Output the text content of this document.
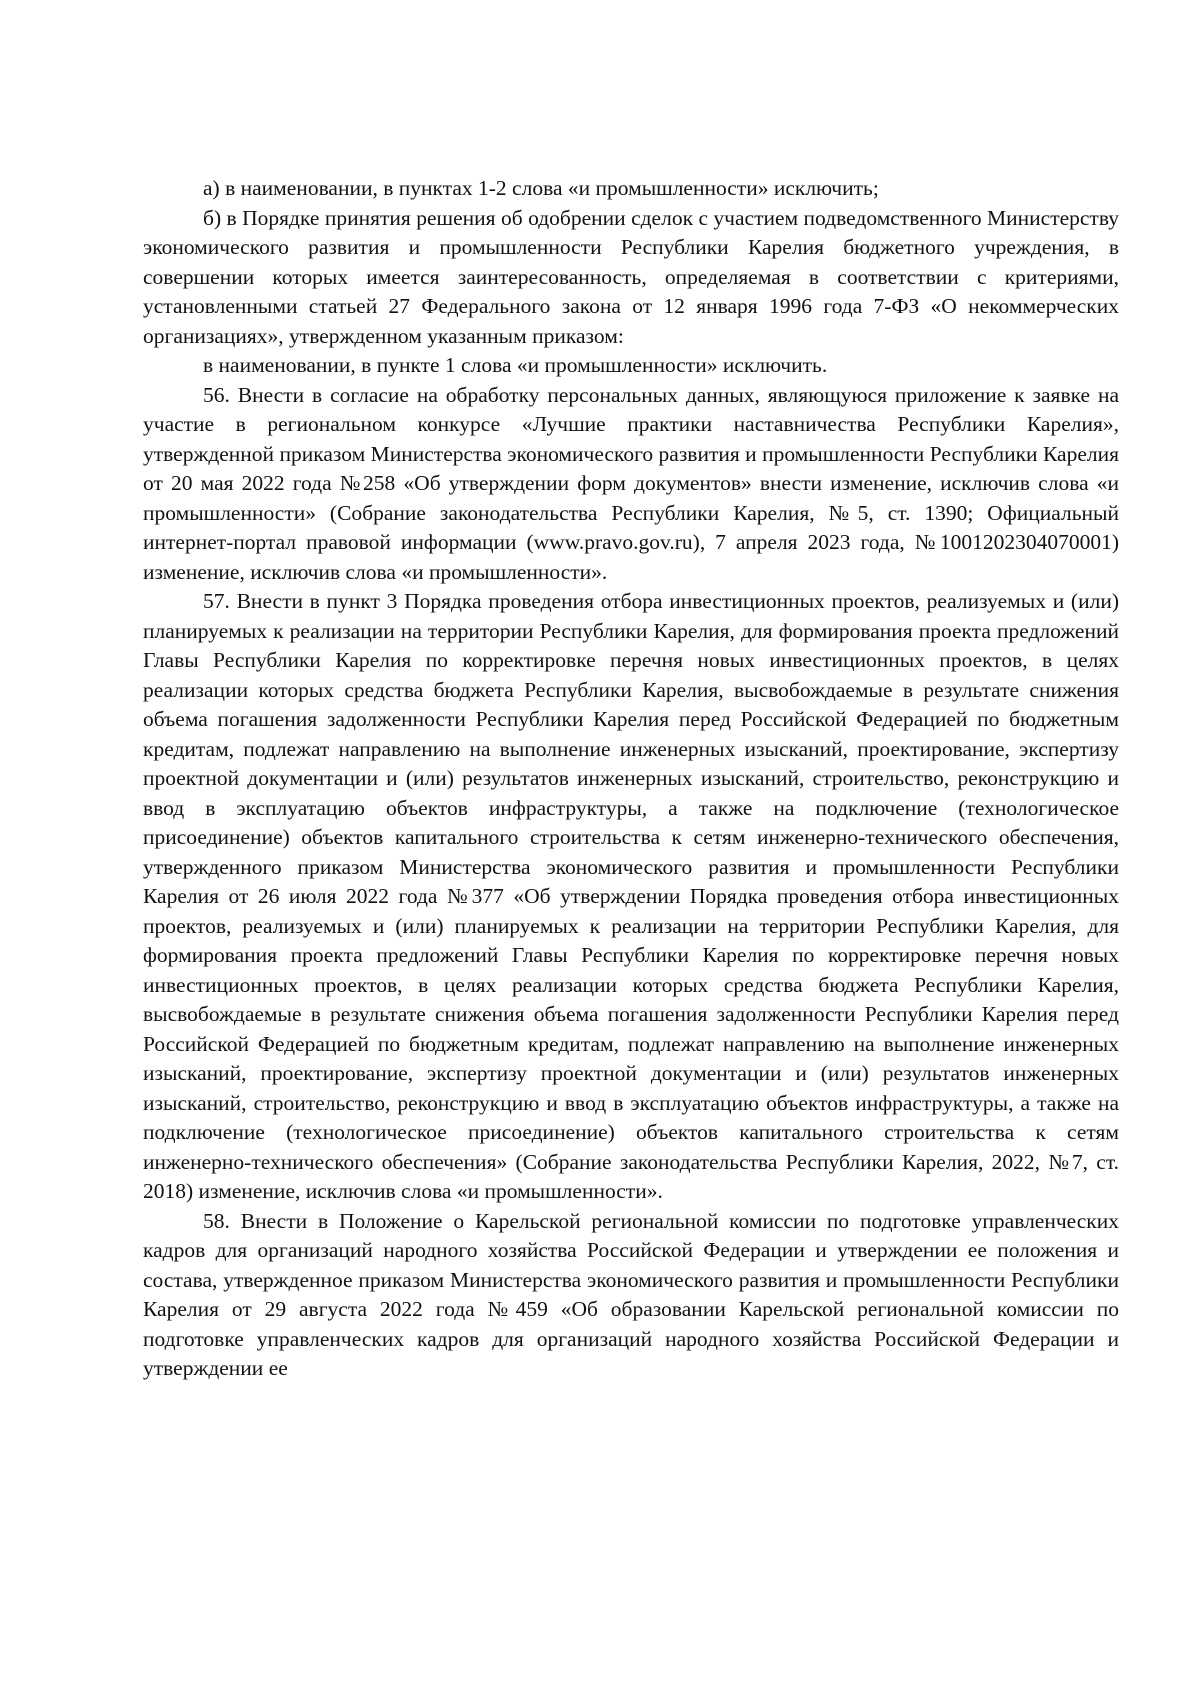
а) в наименовании, в пунктах 1-2 слова «и промышленности» исключить;

б) в Порядке принятия решения об одобрении сделок с участием подведомственного Министерству экономического развития и промышленности Республики Карелия бюджетного учреждения, в совершении которых имеется заинтересованность, определяемая в соответствии с критериями, установленными статьей 27 Федерального закона от 12 января 1996 года 7-ФЗ «О некоммерческих организациях», утвержденном указанным приказом:

в наименовании, в пункте 1 слова «и промышленности» исключить.

56. Внести в согласие на обработку персональных данных, являющуюся приложение к заявке на участие в региональном конкурсе «Лучшие практики наставничества Республики Карелия», утвержденной приказом Министерства экономического развития и промышленности Республики Карелия от 20 мая 2022 года №258 «Об утверждении форм документов» внести изменение, исключив слова «и промышленности» (Собрание законодательства Республики Карелия, №5, ст. 1390; Официальный интернет-портал правовой информации (www.pravo.gov.ru), 7 апреля 2023 года, №1001202304070001) изменение, исключив слова «и промышленности».

57. Внести в пункт 3 Порядка проведения отбора инвестиционных проектов, реализуемых и (или) планируемых к реализации на территории Республики Карелия, для формирования проекта предложений Главы Республики Карелия по корректировке перечня новых инвестиционных проектов, в целях реализации которых средства бюджета Республики Карелия, высвобождаемые в результате снижения объема погашения задолженности Республики Карелия перед Российской Федерацией по бюджетным кредитам, подлежат направлению на выполнение инженерных изысканий, проектирование, экспертизу проектной документации и (или) результатов инженерных изысканий, строительство, реконструкцию и ввод в эксплуатацию объектов инфраструктуры, а также на подключение (технологическое присоединение) объектов капитального строительства к сетям инженерно-технического обеспечения, утвержденного приказом Министерства экономического развития и промышленности Республики Карелия от 26 июля 2022 года №377 «Об утверждении Порядка проведения отбора инвестиционных проектов, реализуемых и (или) планируемых к реализации на территории Республики Карелия, для формирования проекта предложений Главы Республики Карелия по корректировке перечня новых инвестиционных проектов, в целях реализации которых средства бюджета Республики Карелия, высвобождаемые в результате снижения объема погашения задолженности Республики Карелия перед Российской Федерацией по бюджетным кредитам, подлежат направлению на выполнение инженерных изысканий, проектирование, экспертизу проектной документации и (или) результатов инженерных изысканий, строительство, реконструкцию и ввод в эксплуатацию объектов инфраструктуры, а также на подключение (технологическое присоединение) объектов капитального строительства к сетям инженерно-технического обеспечения» (Собрание законодательства Республики Карелия, 2022, №7, ст. 2018) изменение, исключив слова «и промышленности».

58. Внести в Положение о Карельской региональной комиссии по подготовке управленческих кадров для организаций народного хозяйства Российской Федерации и утверждении ее положения и состава, утвержденное приказом Министерства экономического развития и промышленности Республики Карелия от 29 августа 2022 года №459 «Об образовании Карельской региональной комиссии по подготовке управленческих кадров для организаций народного хозяйства Российской Федерации и утверждении ее
